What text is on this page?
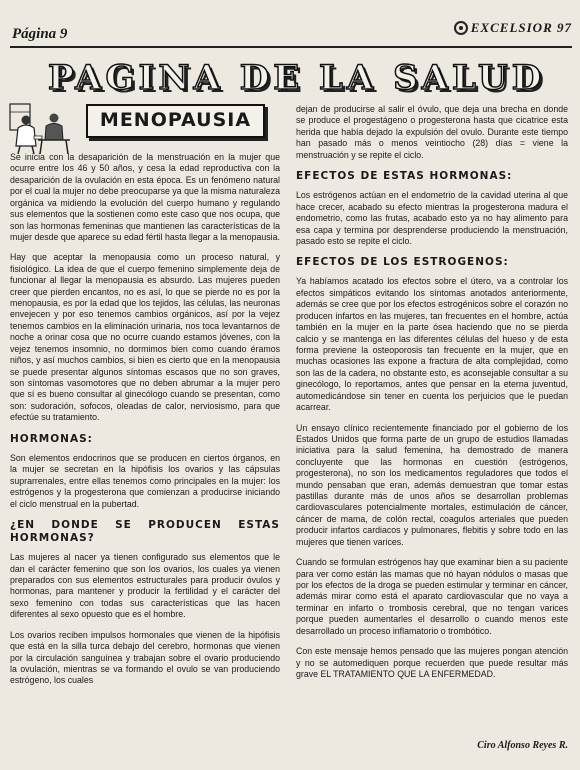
Página 9	EXCELSIOR 97
PAGINA DE LA SALUD
MENOPAUSIA

Se inicia con la desaparición de la menstruación en la mujer que ocurre entre los 46 y 50 años, y cesa la edad reproductiva con la desaparición de la ovulación en esta época. Es un fenómeno natural por el cual la mujer no debe preocuparse ya que la misma naturaleza orgánica va midiendo la evolución del cuerpo humano y regulando sus elementos que la sostienen como este caso que nos ocupa, que son las hormonas femeninas que mantienen las características de la mujer desde que aparece su edad fértil hasta llegar a la menopausia.

Hay que aceptar la menopausia como un proceso natural, y fisiológico. La idea de que el cuerpo femenino simplemente deja de funcionar al llegar la menopausia es absurdo. Las mujeres pueden creer que pierden encantos, no es así, lo que se pierde no es por la menopausia, es por la edad que los tejidos, las células, las neuronas envejecen y por eso tenemos cambios orgánicos, así por la vejez tenemos cambios en la eliminación urinaria, nos toca levantarnos de noche a orinar cosa que no ocurre cuando estamos jóvenes, con la vejez tenemos insomnio, no dormimos bien como cuando éramos niños, y así muchos cambios, si bien es cierto que en la menopausia se puede presentar algunos síntomas escasos que no son graves, son síntomas vasomotores que no deben abrumar a la mujer pero que sí es bueno consultar al ginecólogo cuando se presentan, como son: sudoración, sofocos, oleadas de calor, nerviosismo, para que efectúe su tratamiento.

HORMONAS:

Son elementos endocrinos que se producen en ciertos órganos, en la mujer se secretan en la hipófisis los ovarios y las cápsulas suprarrenales, entre ellas tenemos como principales en la mujer: los estrógenos y la progesterona que comienzan a producirse iniciando el ciclo menstrual en la pubertad.

¿EN DONDE SE PRODUCEN ESTAS HORMONAS?

Las mujeres al nacer ya tienen configurado sus elementos que le dan el carácter femenino que son los ovarios, los cuales ya vienen preparados con sus elementos estructurales para producir óvulos y hormonas, para mantener y producir la fertilidad y el carácter del sexo femenino con todas sus características que las hacen diferentes al sexo opuesto que es el hombre.

Los ovarios reciben impulsos hormonales que vienen de la hipófisis que está en la silla turca debajo del cerebro, hormonas que vienen por la circulación sanguínea y trabajan sobre el ovario produciendo la ovulación, mientras se va formando el ovulo se van produciendo estrógeno, los cuales

dejan de producirse al salir el óvulo, que deja una brecha en donde se produce el progestágeno o progesterona hasta que cicatrice esta herida que había dejado la expulsión del ovulo. Durante este tiempo han pasado más o menos veintiocho (28) días = viene la menstruación y se repite el ciclo.

EFECTOS DE ESTAS HORMONAS:

Los estrógenos actúan en el endometrio de la cavidad uterina al que hace crecer, acabado su efecto mientras la progesterona madura el endometrio, como las frutas, acabado esto ya no hay alimento para esa capa y termina por desprenderse produciendo la menstruación, pasado esto se repite el ciclo.

EFECTOS DE LOS ESTROGENOS:

Ya habíamos acatado los efectos sobre el útero, va a controlar los efectos simpáticos evitando los síntomas anotados anteriormente, además se cree que por los efectos estrogénicos sobre el corazón no producen infartos en las mujeres, tan frecuentes en el hombre, actúa también en la mujer en la parte ósea haciendo que no se pierda calcio y se mantenga en las diferentes células del hueso y de esta forma previene la osteoporosis tan frecuente en la mujer, que en muchas ocasiones las expone a fractura de alta complejidad, como son las de la cadera, no obstante esto, es aconsejable consultar a su ginecólogo, lo reportamos, antes que pensar en la eterna juventud, automedicándose sin tener en cuenta los perjuicios que le puedan acarrear.

Un ensayo clínico recientemente financiado por el gobierno de los Estados Unidos que forma parte de un grupo de estudios llamadas iniciativa para la salud femenina, ha demostrado de manera concluyente que las hormonas en cuestión (estrógenos, progesterona), no son los medicamentos reguladores que todos el mundo pensaban que eran, además demuestran que tomar estas pastillas durante más de unos años se desarrollan problemas cardiovasculares potencialmente mortales, estimulación de cáncer, cáncer de mama, de colón rectal, coagulos arteriales que pueden producir infartos cardiacos y pulmonares, flebitis y sobre todo en las mujeres que tienen varices.

Cuando se formulan estrógenos hay que examinar bien a su paciente para ver como están las mamas que nó hayan nódulos o masas que por los efectos de la droga se pueden estimular y terminar en cáncer, además mirar como está el aparato cardiovascular que no vaya a terminar en infarto o trombosis cerebral, que no tengan varices porque pueden aumentarles el desarrollo o cuando menos este desarrollado un proceso inflamatorio o trombótico.

Con este mensaje hemos pensado que las mujeres pongan atención y no se automediquen porque recuerden que puede resultar más grave EL TRATAMIENTO QUE LA ENFERMEDAD.

Ciro Alfonso Reyes R.
